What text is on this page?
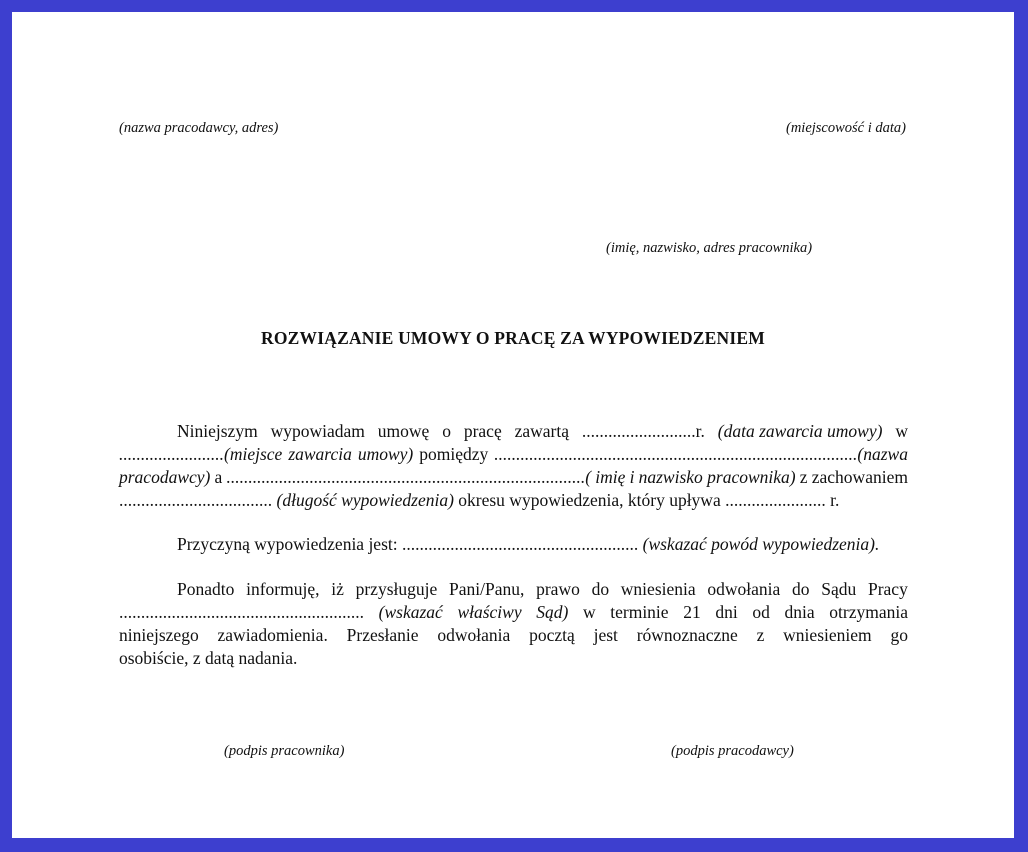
(nazwa pracodawcy, adres)	(miejscowość i data)
(imię, nazwisko, adres pracownika)
ROZWIĄZANIE UMOWY O PRACĘ ZA WYPOWIEDZENIEM
Niniejszym wypowiadam umowę o pracę zawartą ..........................r. (data zawarcia umowy) w
........................(miejsce zawarcia umowy) pomiędzy ...................................................................................(nazwa
pracodawcy) a ..................................................................................( imię i nazwisko pracownika) z zachowaniem
................................... (długość wypowiedzenia) okresu wypowiedzenia, który upływa ....................... r.
Przyczyną wypowiedzenia jest: ...................................................... (wskazać powód wypowiedzenia).
Ponadto informuję, iż przysługuje Pani/Panu, prawo do wniesienia odwołania do Sądu Pracy
........................................................ (wskazać właściwy Sąd) w terminie 21 dni od dnia otrzymania
niniejszego zawiadomienia. Przesłanie odwołania pocztą jest równoznaczne z wniesieniem go
osobiście, z datą nadania.
(podpis pracownika)	(podpis pracodawcy)
